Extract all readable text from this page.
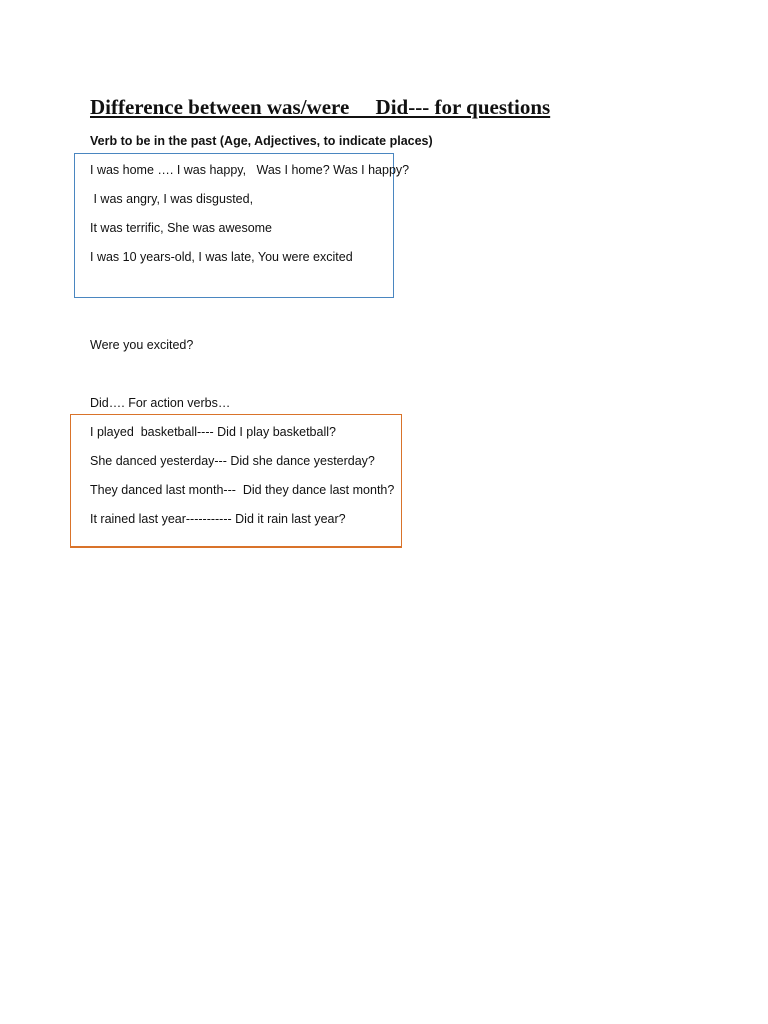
Difference between was/were     Did--- for questions
Verb to be in the past (Age, Adjectives, to indicate places)
I was home …. I was happy,   Was I home? Was I happy?
I was angry, I was disgusted,
It was terrific, She was awesome
I was 10 years-old, I was late, You were excited
Were you excited?
Did…. For action verbs…
I played  basketball---- Did I play basketball?
She danced yesterday--- Did she dance yesterday?
They danced last month---  Did they dance last month?
It rained last year----------- Did it rain last year?
